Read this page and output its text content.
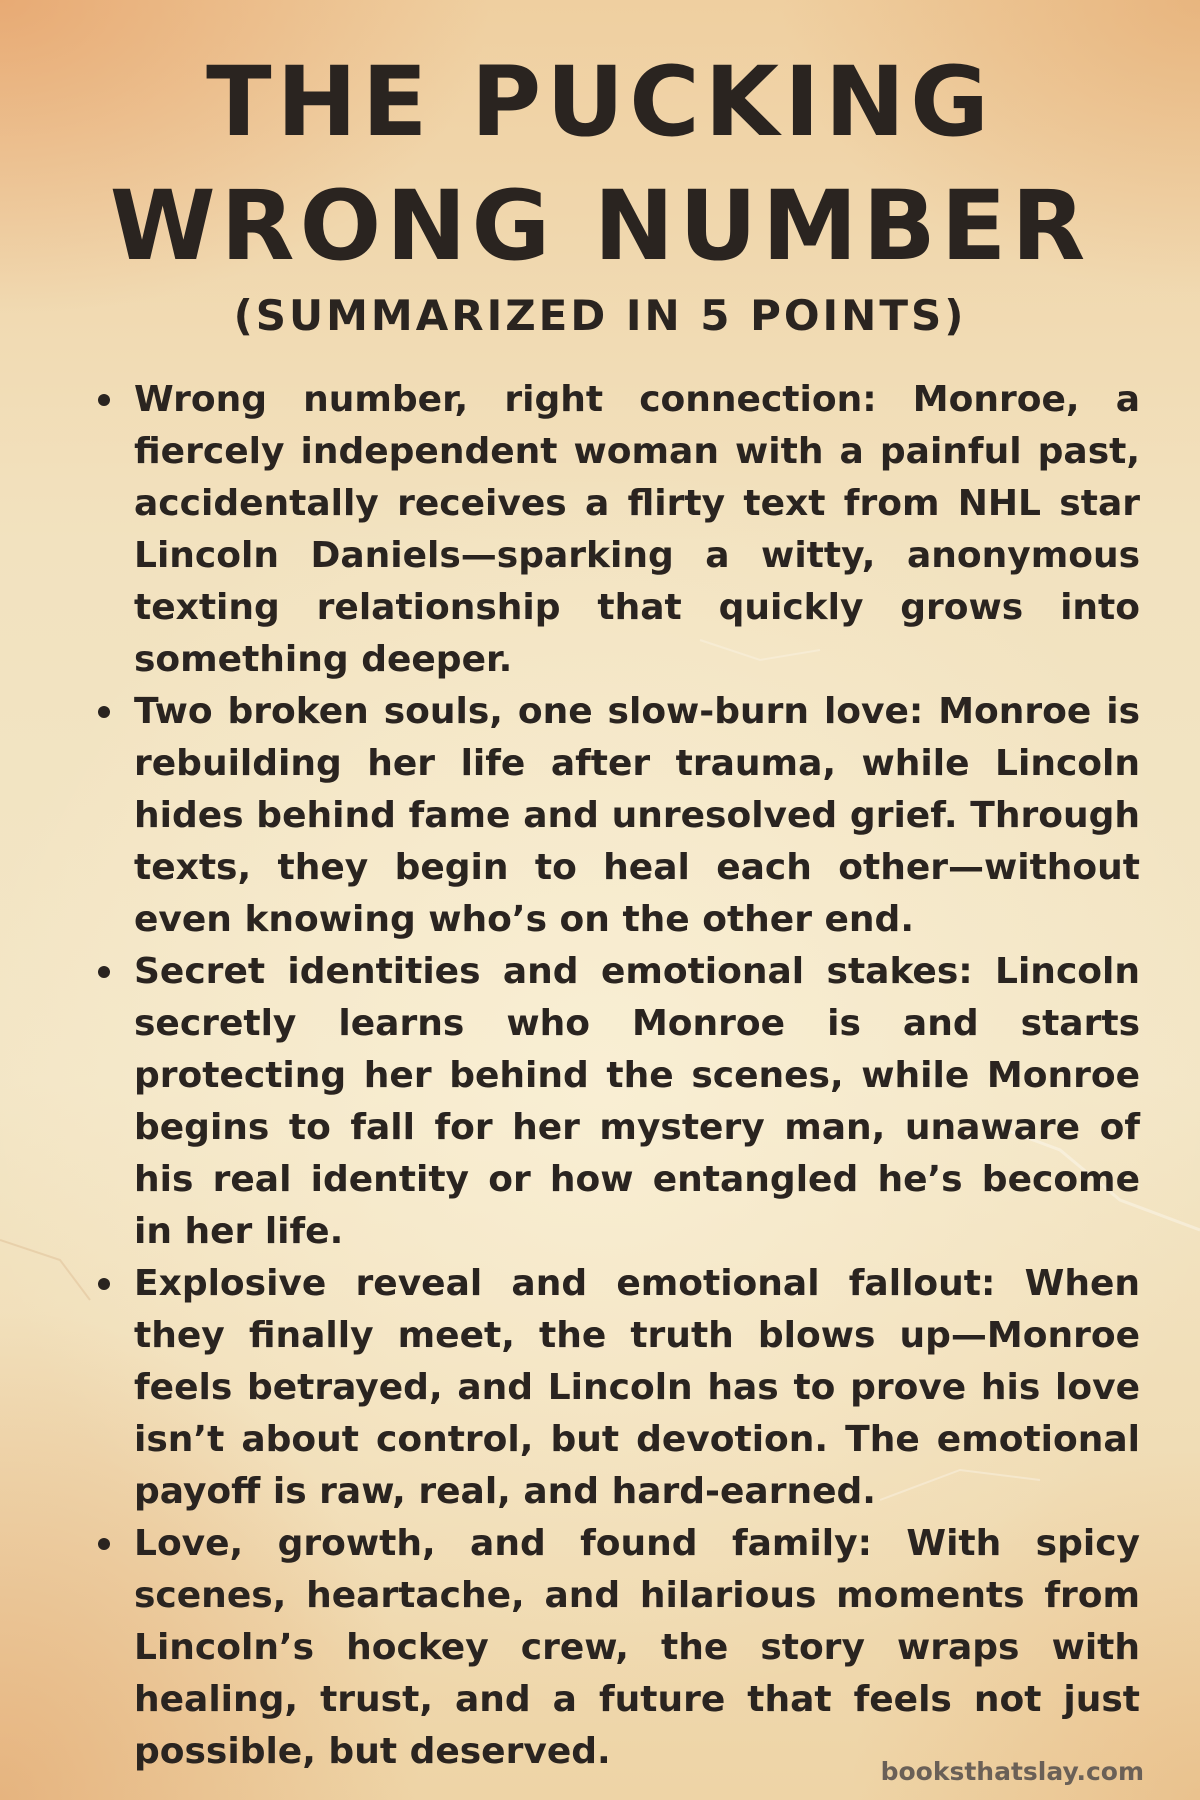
THE PUCKING
WRONG NUMBER
(SUMMARIZED IN 5 POINTS)
Wrong number, right connection: Monroe, a fiercely independent woman with a painful past, accidentally receives a flirty text from NHL star Lincoln Daniels—sparking a witty, anonymous texting relationship that quickly grows into something deeper.
Two broken souls, one slow-burn love: Monroe is rebuilding her life after trauma, while Lincoln hides behind fame and unresolved grief. Through texts, they begin to heal each other—without even knowing who’s on the other end.
Secret identities and emotional stakes: Lincoln secretly learns who Monroe is and starts protecting her behind the scenes, while Monroe begins to fall for her mystery man, unaware of his real identity or how entangled he’s become in her life.
Explosive reveal and emotional fallout: When they finally meet, the truth blows up—Monroe feels betrayed, and Lincoln has to prove his love isn’t about control, but devotion. The emotional payoff is raw, real, and hard-earned.
Love, growth, and found family: With spicy scenes, heartache, and hilarious moments from Lincoln’s hockey crew, the story wraps with healing, trust, and a future that feels not just possible, but deserved.	booksthatslay.com
